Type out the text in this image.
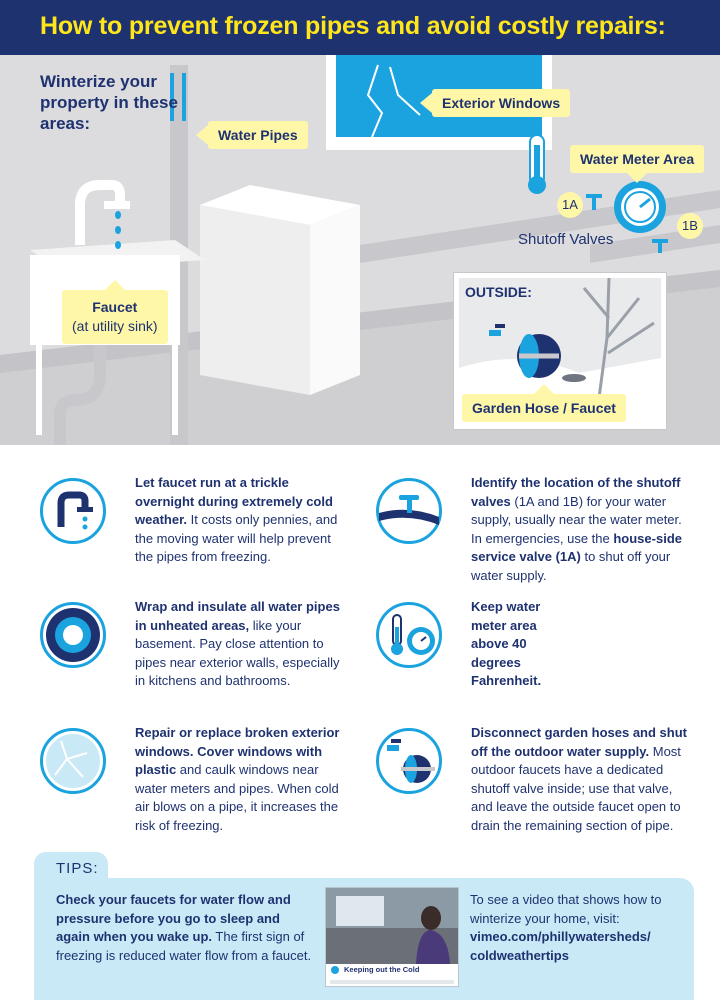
How to prevent frozen pipes and avoid costly repairs:
Winterize your property in these areas:
Exterior Windows
Water Pipes
Water Meter Area
1A
1B
Shutoff Valves
Faucet
(at utility sink)
OUTSIDE:
Garden Hose / Faucet
Let faucet run at a trickle overnight during extremely cold weather. It costs only pennies, and the moving water will help prevent the pipes from freezing.
Identify the location of the shutoff valves (1A and 1B) for your water supply, usually near the water meter. In emergencies, use the house-side service valve (1A) to shut off your water supply.
Wrap and insulate all water pipes in unheated areas, like your basement. Pay close attention to pipes near exterior walls, especially in kitchens and bathrooms.
Keep water meter area above 40 degrees Fahrenheit.
Repair or replace broken exterior windows. Cover windows with plastic and caulk windows near water meters and pipes. When cold air blows on a pipe, it increases the risk of freezing.
Disconnect garden hoses and shut off the outdoor water supply. Most outdoor faucets have a dedicated shutoff valve inside; use that valve, and leave the outside faucet open to drain the remaining section of pipe.
TIPS:
Check your faucets for water flow and pressure before you go to sleep and again when you wake up. The first sign of freezing is reduced water flow from a faucet.
Keeping out the Cold
To see a video that shows how to winterize your home, visit:
vimeo.com/phillywatersheds/
coldweathertips
